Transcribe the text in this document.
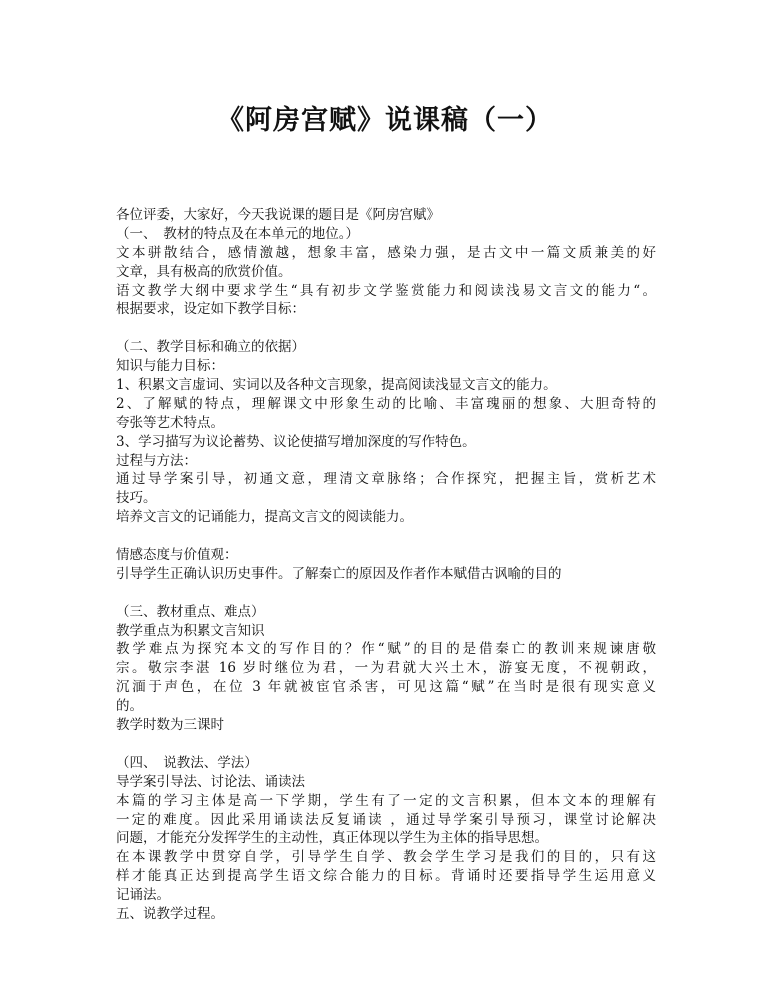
《阿房宫赋》说课稿（一）
各位评委，大家好，今天我说课的题目是《阿房宫赋》
（一、　教材的特点及在本单元的地位。）
文本骈散结合，感情激越，想象丰富，感染力强，是古文中一篇文质兼美的好
文章，具有极高的欣赏价值。
语文教学大纲中要求学生“具有初步文学鉴赏能力和阅读浅易文言文的能力“。
根据要求，设定如下教学目标：
（二、教学目标和确立的依据）
知识与能力目标：
1、积累文言虚词、实词以及各种文言现象，提高阅读浅显文言文的能力。
2、了解赋的特点，理解课文中形象生动的比喻、丰富瑰丽的想象、大胆奇特的
夸张等艺术特点。
3、学习描写为议论蓄势、议论使描写增加深度的写作特色。
过程与方法：
通过导学案引导，初通文意，理清文章脉络；合作探究，把握主旨，赏析艺术
技巧。
培养文言文的记诵能力，提高文言文的阅读能力。
情感态度与价值观：
引导学生正确认识历史事件。了解秦亡的原因及作者作本赋借古讽喻的目的
（三、教材重点、难点）
教学重点为积累文言知识
教学难点为探究本文的写作目的？作“赋”的目的是借秦亡的教训来规谏唐敬
宗。敬宗李湛 16 岁时继位为君，一为君就大兴土木，游宴无度，不视朝政，
沉湎于声色，在位 3 年就被宦官杀害，可见这篇“赋”在当时是很有现实意义
的。
教学时数为三课时
（四、　说教法、学法）
导学案引导法、讨论法、诵读法
本篇的学习主体是高一下学期，学生有了一定的文言积累，但本文本的理解有
一定的难度。因此采用诵读法反复诵读 ，通过导学案引导预习，课堂讨论解决
问题，才能充分发挥学生的主动性，真正体现以学生为主体的指导思想。
在本课教学中贯穿自学，引导学生自学、教会学生学习是我们的目的，只有这
样才能真正达到提高学生语文综合能力的目标。背诵时还要指导学生运用意义
记诵法。
五、说教学过程。
